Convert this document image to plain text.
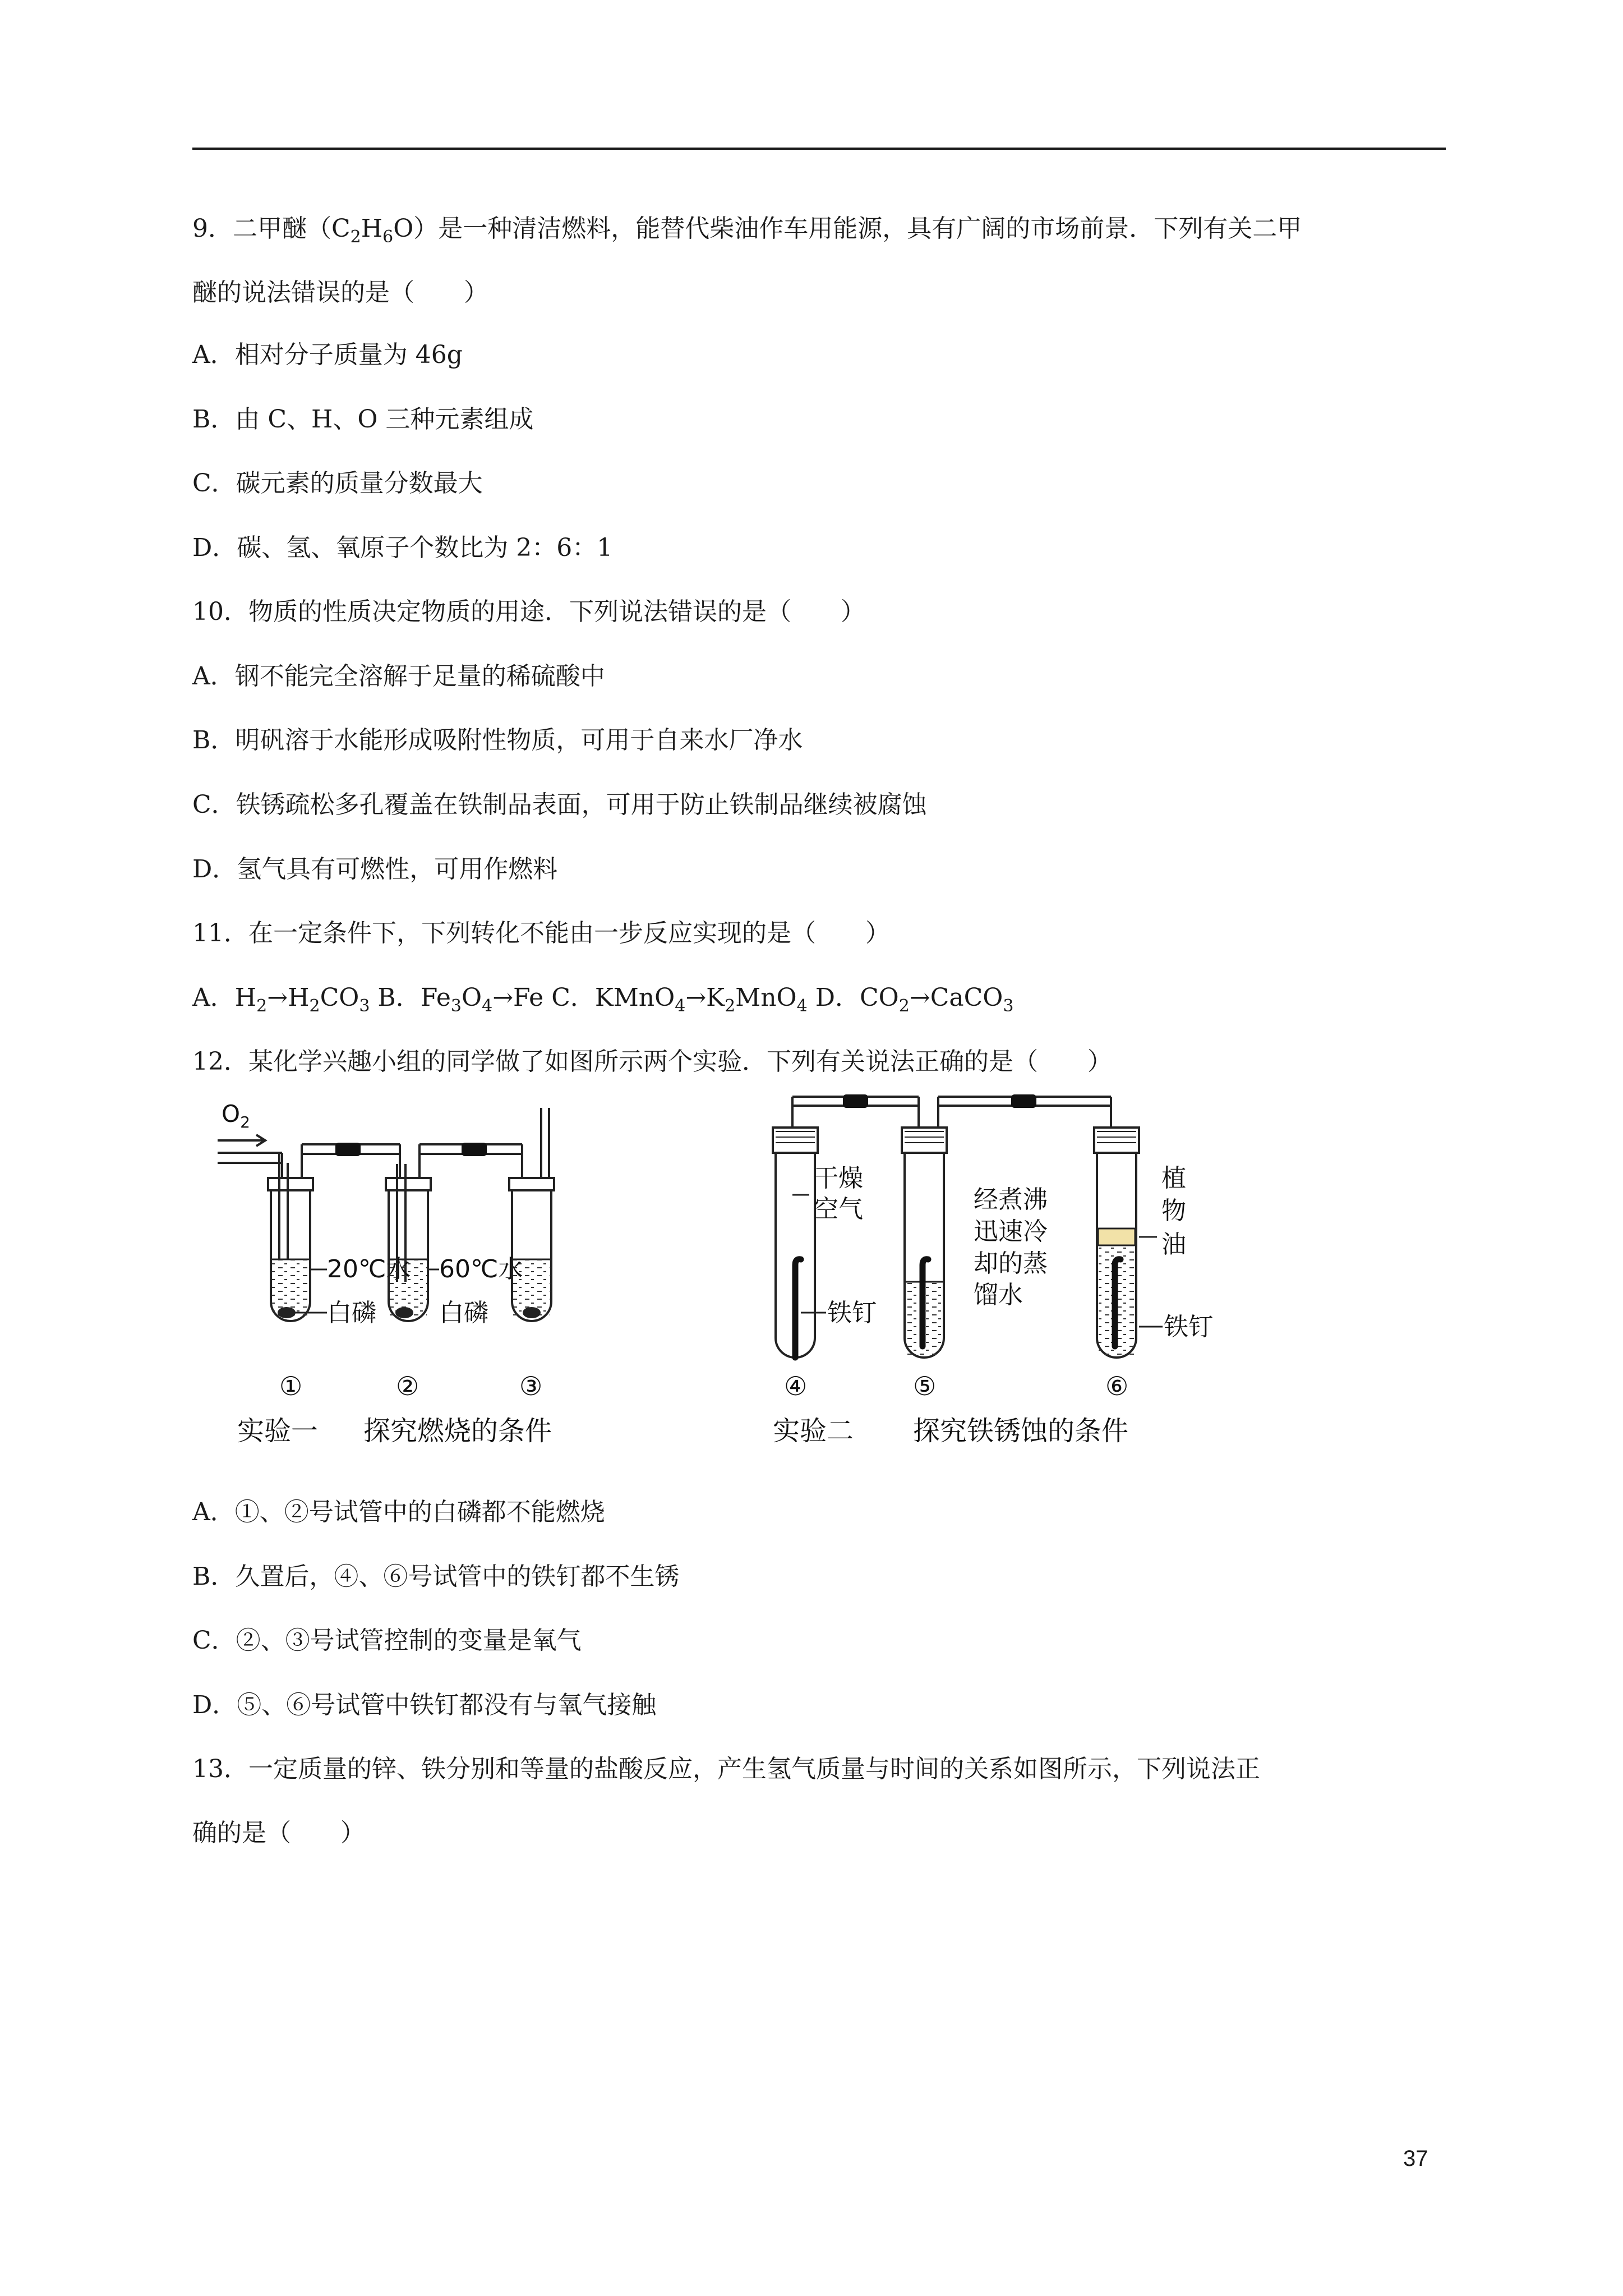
9．二甲醚$(C_2H_6O)$是一种清洁燃料，能替代柴油作车用能源，具有广阔的市场前景．下列有关二甲
醚的说法错误的是（　　）
A．相对分子质量为 46g
B．由 C、H、O 三种元素组成
C．碳元素的质量分数最大
D．碳、氢、氧原子个数比为 2：6：1
10．物质的性质决定物质的用途．下列说法错误的是（　　）
A．钢不能完全溶解于足量的稀硫酸中
B．明矾溶于水能形成吸附性物质，可用于自来水厂净水
C．铁锈疏松多孔覆盖在铁制品表面，可用于防止铁制品继续被腐蚀
D．氢气具有可燃性，可用作燃料
11．在一定条件下，下列转化不能由一步反应实现的是（　　）
A．$H_2\to H_2CO_3$ B．$Fe_3O_4\to Fe$ C．$KMnO_4\to K_2MnO_4$ D．$CO_2\to CaCO_3$
12．某化学兴趣小组的同学做了如图所示两个实验．下列有关说法正确的是（　　）
$O_2$
20℃水
白磷
60℃水
白磷
①	②	③
实验一 探究燃烧的条件
干燥
空气
铁钉
经煮沸
迅速冷
却的蒸
馏水
植
物
油
铁钉
④	⑤	⑥
实验二 探究铁锈蚀的条件
A．①、②号试管中的白磷都不能燃烧
B．久置后，④、⑥号试管中的铁钉都不生锈
C．②、③号试管控制的变量是氧气
D．⑤、⑥号试管中铁钉都没有与氧气接触
13．一定质量的锌、铁分别和等量的盐酸反应，产生氢气质量与时间的关系如图所示，下列说法正
确的是（　　）
37
